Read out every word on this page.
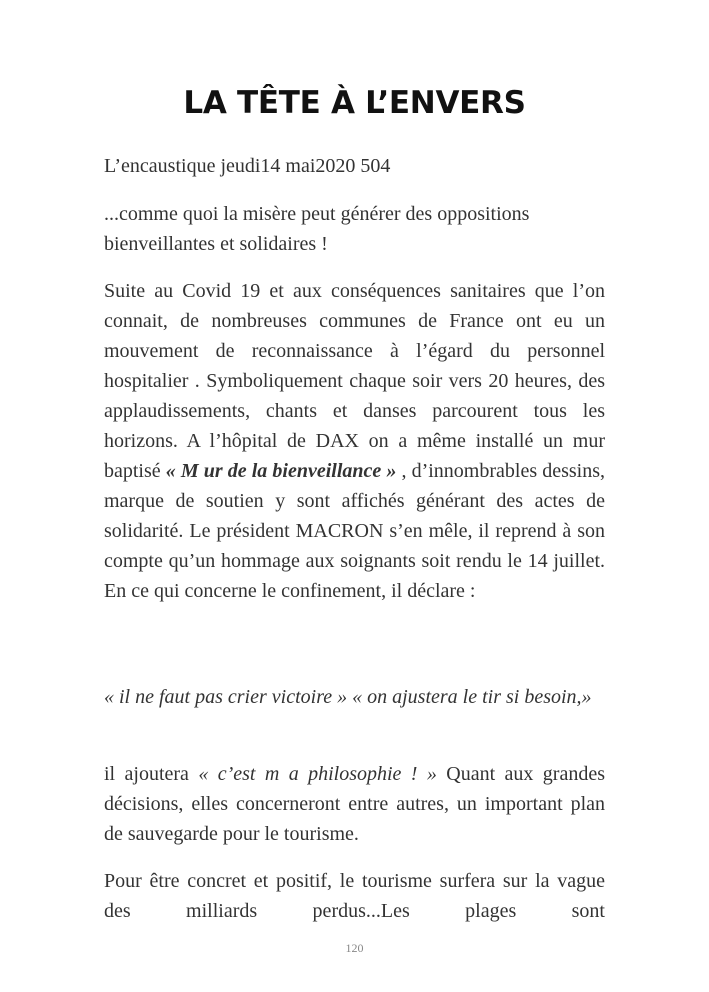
LA TÊTE À L’ENVERS

L’encaustique jeudi14 mai2020 504

...comme quoi la misère peut générer des oppositions bienveillantes et solidaires !

Suite au Covid 19 et aux conséquences sanitaires que l’on connait, de nombreuses communes de France ont eu un mouvement de reconnaissance à l’égard du personnel hospitalier . Symboliquement chaque soir vers 20 heures, des applaudissements, chants et danses parcourent tous les horizons. A l’hôpital de DAX on a même installé un mur baptisé « M ur de la bienveillance » , d’innombrables dessins, marque de soutien y sont affichés générant des actes de solidarité. Le président MACRON s’en mêle, il reprend à son compte qu’un hommage aux soignants soit rendu le 14 juillet. En ce qui concerne le confinement, il déclare :

« il ne faut pas crier victoire » « on ajustera le tir si besoin,»

il ajoutera « c’est m a philosophie ! » Quant aux grandes décisions, elles concerneront entre autres, un important plan de sauvegarde pour le tourisme.

Pour être concret et positif, le tourisme surfera sur la vague des milliards perdus...Les plages sont

120
